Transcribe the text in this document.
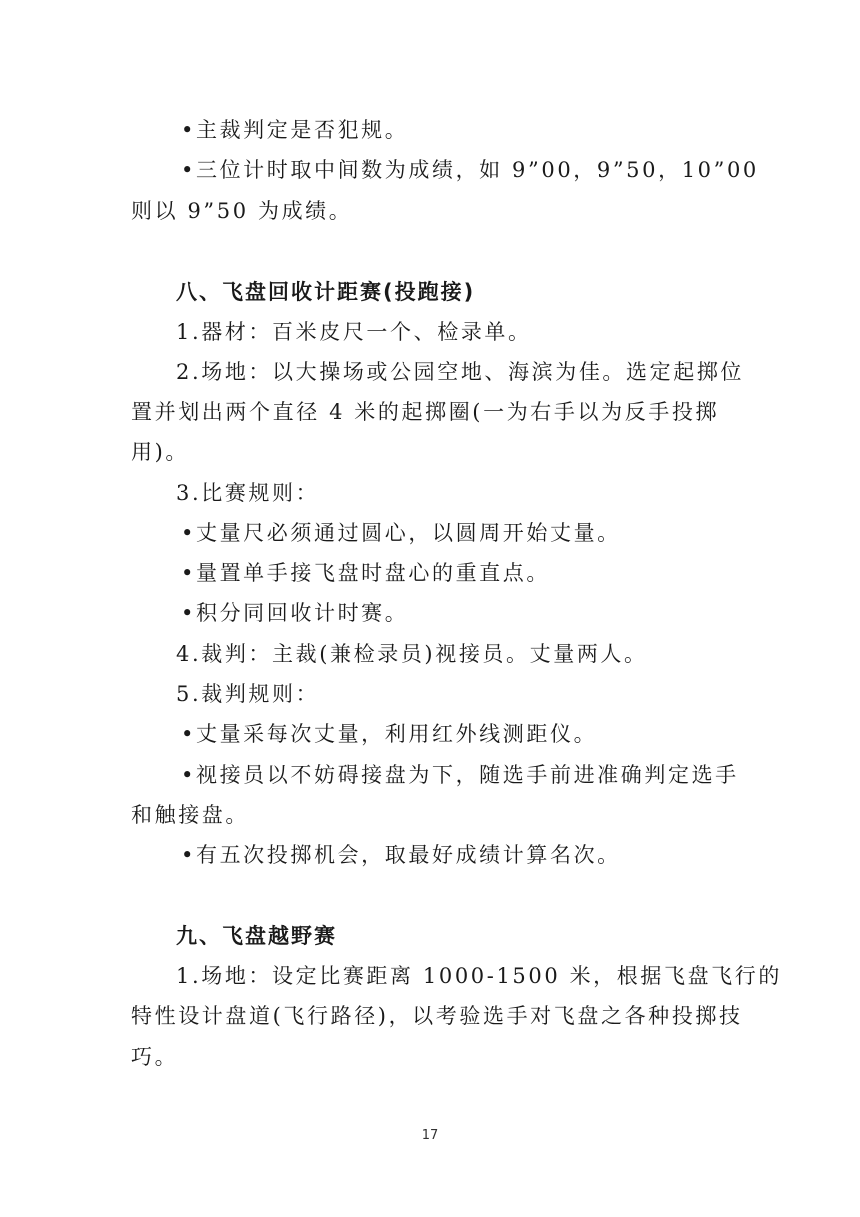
•主裁判定是否犯规。
•三位计时取中间数为成绩，如 9”00，9”50，10”00
则以 9”50 为成绩。
八、飞盘回收计距赛(投跑接)
1.器材：百米皮尺一个、检录单。
2.场地：以大操场或公园空地、海滨为佳。选定起掷位
置并划出两个直径 4 米的起掷圈(一为右手以为反手投掷
用)。
3.比赛规则：
•丈量尺必须通过圆心，以圆周开始丈量。
•量置单手接飞盘时盘心的重直点。
•积分同回收计时赛。
4.裁判：主裁(兼检录员)视接员。丈量两人。
5.裁判规则：
•丈量采每次丈量，利用红外线测距仪。
•视接员以不妨碍接盘为下，随选手前进准确判定选手
和触接盘。
•有五次投掷机会，取最好成绩计算名次。
九、飞盘越野赛
1.场地：设定比赛距离 1000-1500 米，根据飞盘飞行的
特性设计盘道(飞行路径)，以考验选手对飞盘之各种投掷技
巧。
17
